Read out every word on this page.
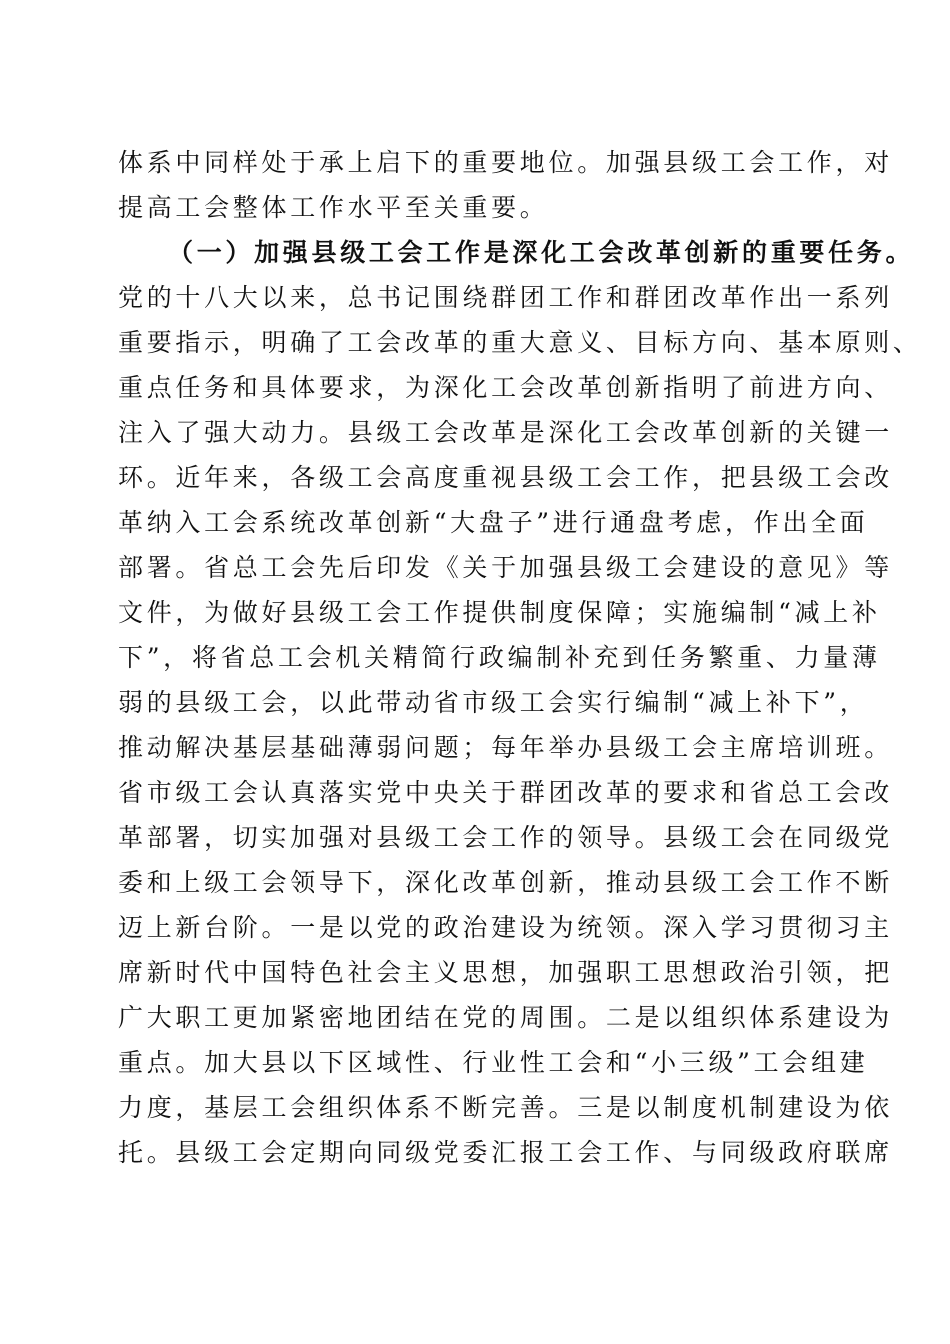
体系中同样处于承上启下的重要地位。加强县级工会工作，对
提高工会整体工作水平至关重要。
（一）加强县级工会工作是深化工会改革创新的重要任务。
党的十八大以来，总书记围绕群团工作和群团改革作出一系列
重要指示，明确了工会改革的重大意义、目标方向、基本原则、
重点任务和具体要求，为深化工会改革创新指明了前进方向、
注入了强大动力。县级工会改革是深化工会改革创新的关键一
环。近年来，各级工会高度重视县级工会工作，把县级工会改
革纳入工会系统改革创新“大盘子”进行通盘考虑，作出全面
部署。省总工会先后印发《关于加强县级工会建设的意见》等
文件，为做好县级工会工作提供制度保障；实施编制“减上补
下”，将省总工会机关精简行政编制补充到任务繁重、力量薄
弱的县级工会，以此带动省市级工会实行编制“减上补下”，
推动解决基层基础薄弱问题；每年举办县级工会主席培训班。
省市级工会认真落实党中央关于群团改革的要求和省总工会改
革部署，切实加强对县级工会工作的领导。县级工会在同级党
委和上级工会领导下，深化改革创新，推动县级工会工作不断
迈上新台阶。一是以党的政治建设为统领。深入学习贯彻习主
席新时代中国特色社会主义思想，加强职工思想政治引领，把
广大职工更加紧密地团结在党的周围。二是以组织体系建设为
重点。加大县以下区域性、行业性工会和“小三级”工会组建
力度，基层工会组织体系不断完善。三是以制度机制建设为依
托。县级工会定期向同级党委汇报工会工作、与同级政府联席
